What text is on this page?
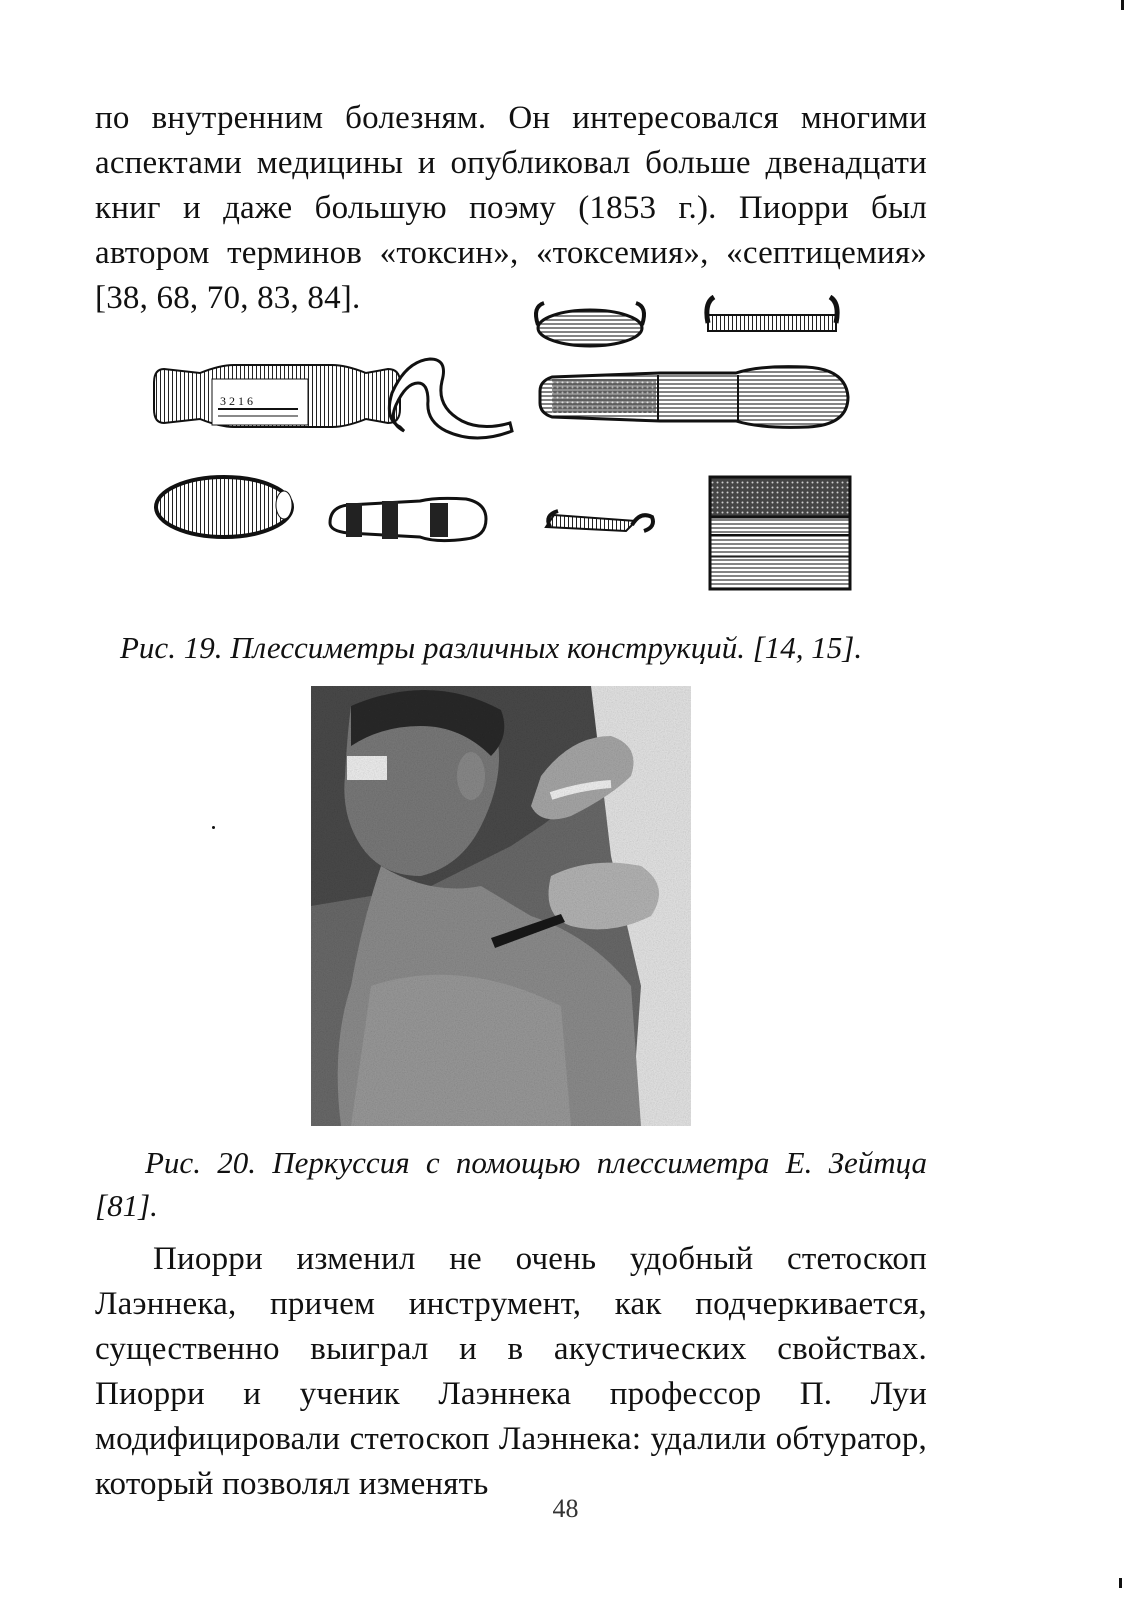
по внутренним болезням. Он интересовался многими аспектами медицины и опубликовал больше двенадцати книг и даже большую поэму (1853 г.). Пиорри был автором терминов «токсин», «токсемия», «септицемия» [38, 68, 70, 83, 84].

3 2 1 6

Рис. 19. Плессиметры различных конструкций. [14, 15].

Рис. 20. Перкуссия с помощью плессиметра Е. Зейтца [81].

Пиорри изменил не очень удобный стетоскоп Лаэннека, причем инструмент, как подчеркивается, существенно выиграл и в акустических свойствах. Пиорри и ученик Лаэннека профессор П. Луи модифицировали стетоскоп Лаэннека: удалили обтуратор, который позволял изменять

48
